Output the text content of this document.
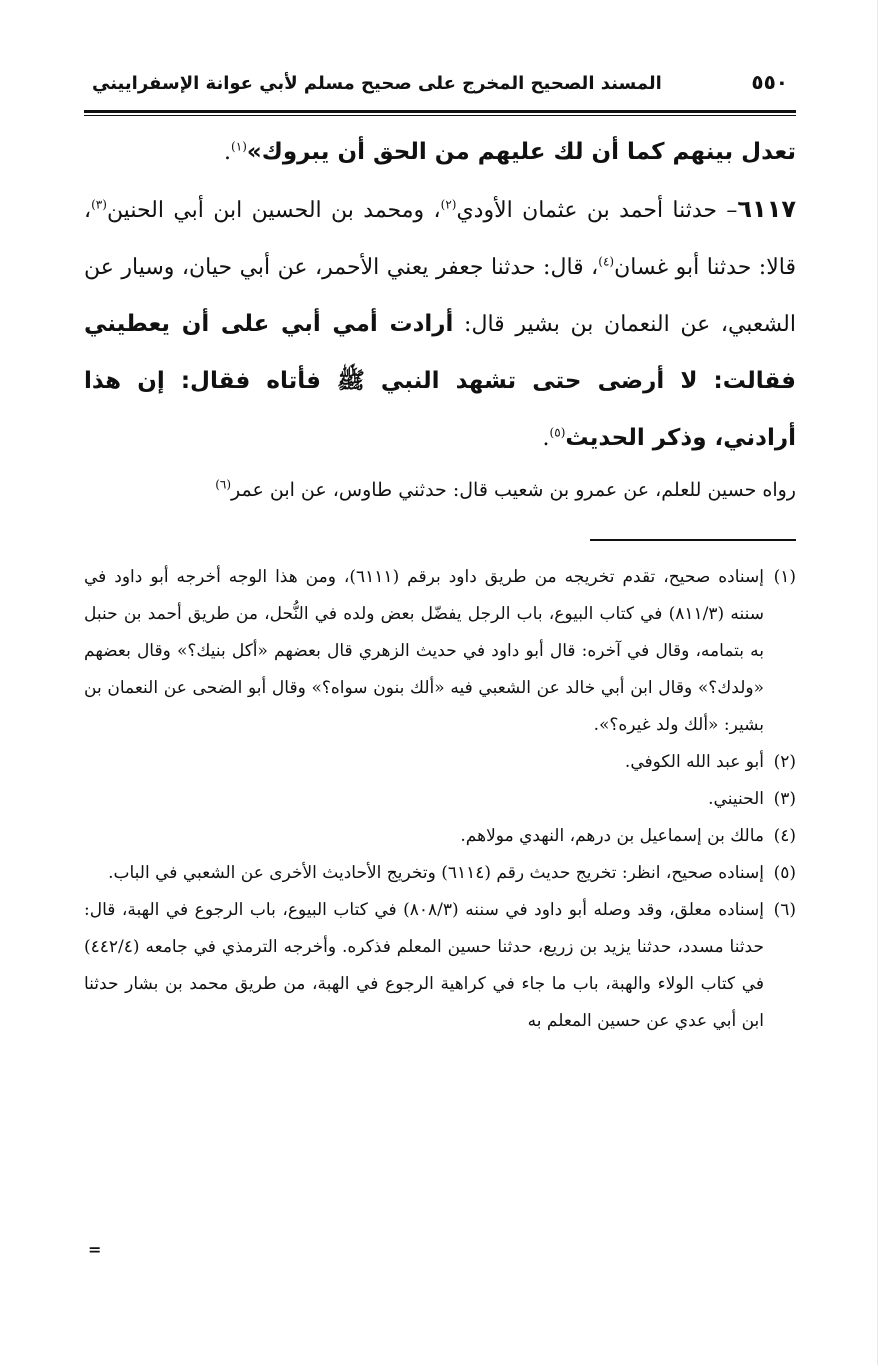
٥٥٠
المسند الصحيح المخرج على صحيح مسلم لأبي عوانة الإسفراييني

تعدل بينهم كما أن لك عليهم من الحق أن يبروك»$^{(١)}$.

٦١١٧– حدثنا أحمد بن عثمان الأودي$^{(٢)}$، ومحمد بن الحسين ابن أبي الحنين$^{(٣)}$، قالا: حدثنا أبو غسان$^{(٤)}$، قال: حدثنا جعفر يعني الأحمر، عن أبي حيان، وسيار عن الشعبي، عن النعمان بن بشير قال: أرادت أمي أبي على أن يعطيني فقالت: لا أرضى حتى تشهد النبي ﷺ فأتاه فقال: إن هذا أرادني، وذكر الحديث$^{(٥)}$.

رواه حسين للعلم، عن عمرو بن شعيب قال: حدثني طاوس، عن ابن عمر$^{(٦)}$

(١)
إسناده صحيح، تقدم تخريجه من طريق داود برقم (٦١١١)، ومن هذا الوجه أخرجه أبو داود في سننه (٨١١/٣) في كتاب البيوع، باب الرجل يفضّل بعض ولده في النُّحل، من طريق أحمد بن حنبل به بتمامه، وقال في آخره: قال أبو داود في حديث الزهري قال بعضهم «أكل بنيك؟» وقال بعضهم «ولدك؟» وقال ابن أبي خالد عن الشعبي فيه «ألك بنون سواه؟» وقال أبو الضحى عن النعمان بن بشير: «ألك ولد غيره؟».
(٢)
أبو عبد الله الكوفي.
(٣)
الحنيني.
(٤)
مالك بن إسماعيل بن درهم، النهدي مولاهم.
(٥)
إسناده صحيح، انظر: تخريج حديث رقم (٦١١٤) وتخريج الأحاديث الأخرى عن الشعبي في الباب.
(٦)
إسناده معلق، وقد وصله أبو داود في سننه (٨٠٨/٣) في كتاب البيوع، باب الرجوع في الهبة، قال: حدثنا مسدد، حدثنا يزيد بن زريع، حدثنا حسين المعلم فذكره. وأخرجه الترمذي في جامعه (٤٤٢/٤) في كتاب الولاء والهبة، باب ما جاء في كراهية الرجوع في الهبة، من طريق محمد بن بشار حدثنا ابن أبي عدي عن حسين المعلم به
=
